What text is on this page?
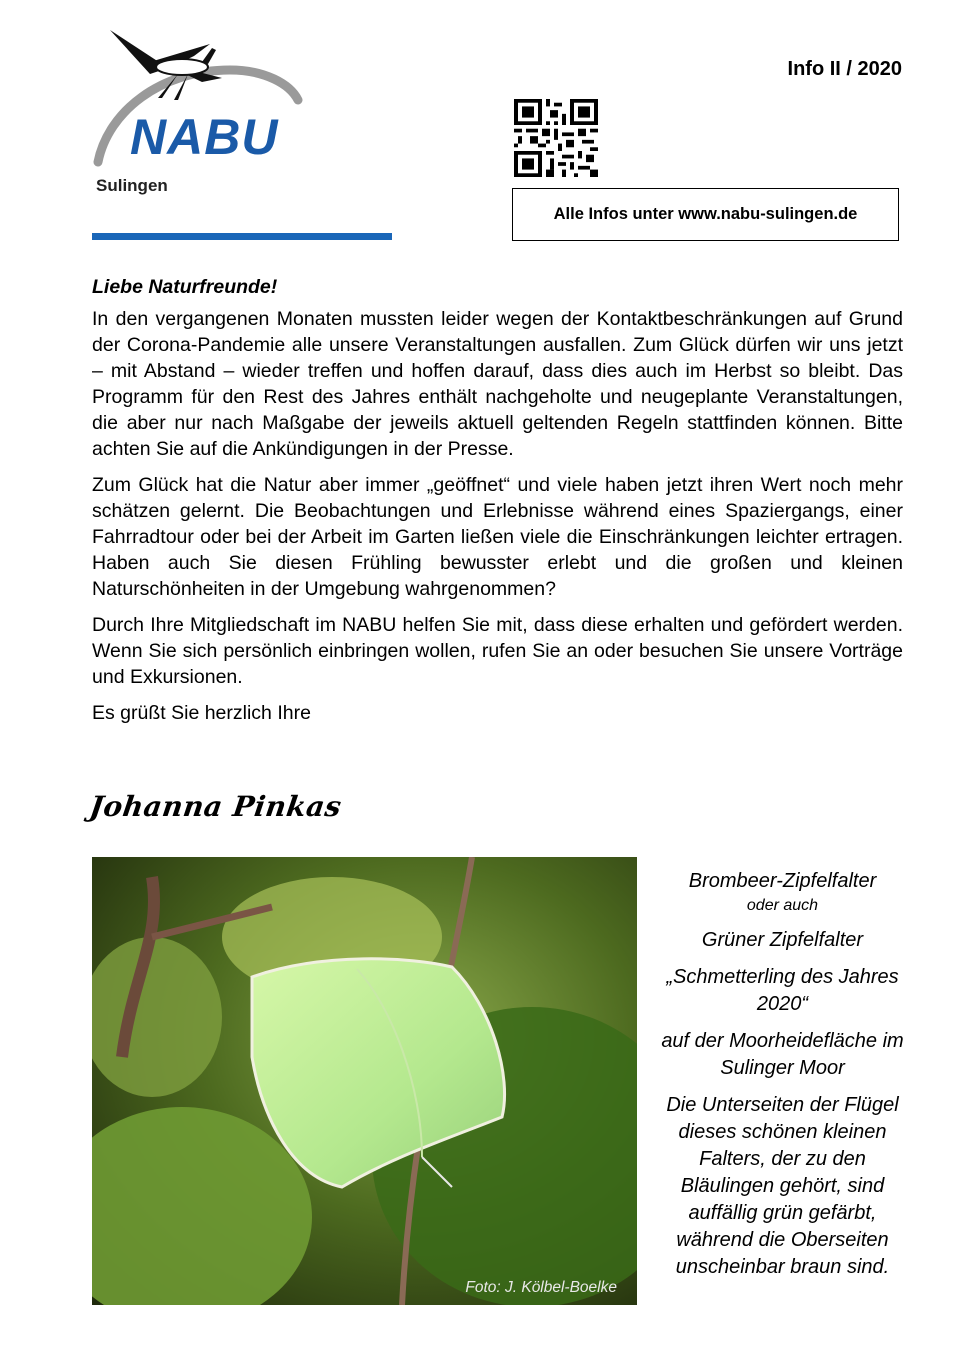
NABU
Sulingen
Info II / 2020
Alle Infos unter www.nabu-sulingen.de

Liebe Naturfreunde!

In den vergangenen Monaten mussten leider wegen der Kontaktbeschränkungen auf Grund der Corona-Pandemie alle unsere Veranstaltungen ausfallen. Zum Glück dürfen wir uns jetzt – mit Abstand – wieder treffen und hoffen darauf, dass dies auch im Herbst so bleibt. Das Programm für den Rest des Jahres enthält nachgeholte und neugeplante Veranstaltungen, die aber nur nach Maßgabe der jeweils aktuell geltenden Regeln stattfinden können. Bitte achten Sie auf die Ankündigungen in der Presse.

Zum Glück hat die Natur aber immer „geöffnet“ und viele haben jetzt ihren Wert noch mehr schätzen gelernt. Die Beobachtungen und Erlebnisse während eines Spaziergangs, einer Fahrradtour oder bei der Arbeit im Garten ließen viele die Einschränkungen leichter ertragen. Haben auch Sie diesen Frühling bewusster erlebt und die großen und kleinen Naturschönheiten in der Umgebung wahrgenommen?

Durch Ihre Mitgliedschaft im NABU helfen Sie mit, dass diese erhalten und gefördert werden. Wenn Sie sich persönlich einbringen wollen, rufen Sie an oder besuchen Sie unsere Vorträge und Exkursionen.

Es grüßt Sie herzlich Ihre

Johanna Pinkas
Foto: J. Kölbel-Boelke
Brombeer-Zipfelfalter
oder auch
Grüner Zipfelfalter
„Schmetterling des Jahres 2020“
auf der Moorheidefläche im Sulinger Moor
Die Unterseiten der Flügel dieses schönen kleinen Falters, der zu den Bläulingen gehört, sind auffällig grün gefärbt, während die Oberseiten unscheinbar braun sind.
